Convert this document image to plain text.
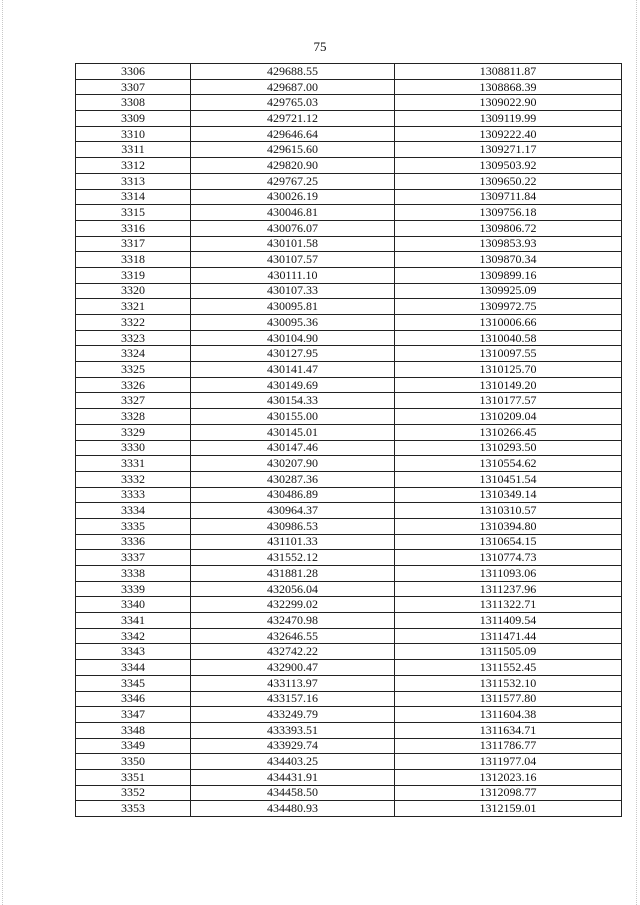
75
3306	429688.55	1308811.87
3307	429687.00	1308868.39
3308	429765.03	1309022.90
3309	429721.12	1309119.99
3310	429646.64	1309222.40
3311	429615.60	1309271.17
3312	429820.90	1309503.92
3313	429767.25	1309650.22
3314	430026.19	1309711.84
3315	430046.81	1309756.18
3316	430076.07	1309806.72
3317	430101.58	1309853.93
3318	430107.57	1309870.34
3319	430111.10	1309899.16
3320	430107.33	1309925.09
3321	430095.81	1309972.75
3322	430095.36	1310006.66
3323	430104.90	1310040.58
3324	430127.95	1310097.55
3325	430141.47	1310125.70
3326	430149.69	1310149.20
3327	430154.33	1310177.57
3328	430155.00	1310209.04
3329	430145.01	1310266.45
3330	430147.46	1310293.50
3331	430207.90	1310554.62
3332	430287.36	1310451.54
3333	430486.89	1310349.14
3334	430964.37	1310310.57
3335	430986.53	1310394.80
3336	431101.33	1310654.15
3337	431552.12	1310774.73
3338	431881.28	1311093.06
3339	432056.04	1311237.96
3340	432299.02	1311322.71
3341	432470.98	1311409.54
3342	432646.55	1311471.44
3343	432742.22	1311505.09
3344	432900.47	1311552.45
3345	433113.97	1311532.10
3346	433157.16	1311577.80
3347	433249.79	1311604.38
3348	433393.51	1311634.71
3349	433929.74	1311786.77
3350	434403.25	1311977.04
3351	434431.91	1312023.16
3352	434458.50	1312098.77
3353	434480.93	1312159.01
